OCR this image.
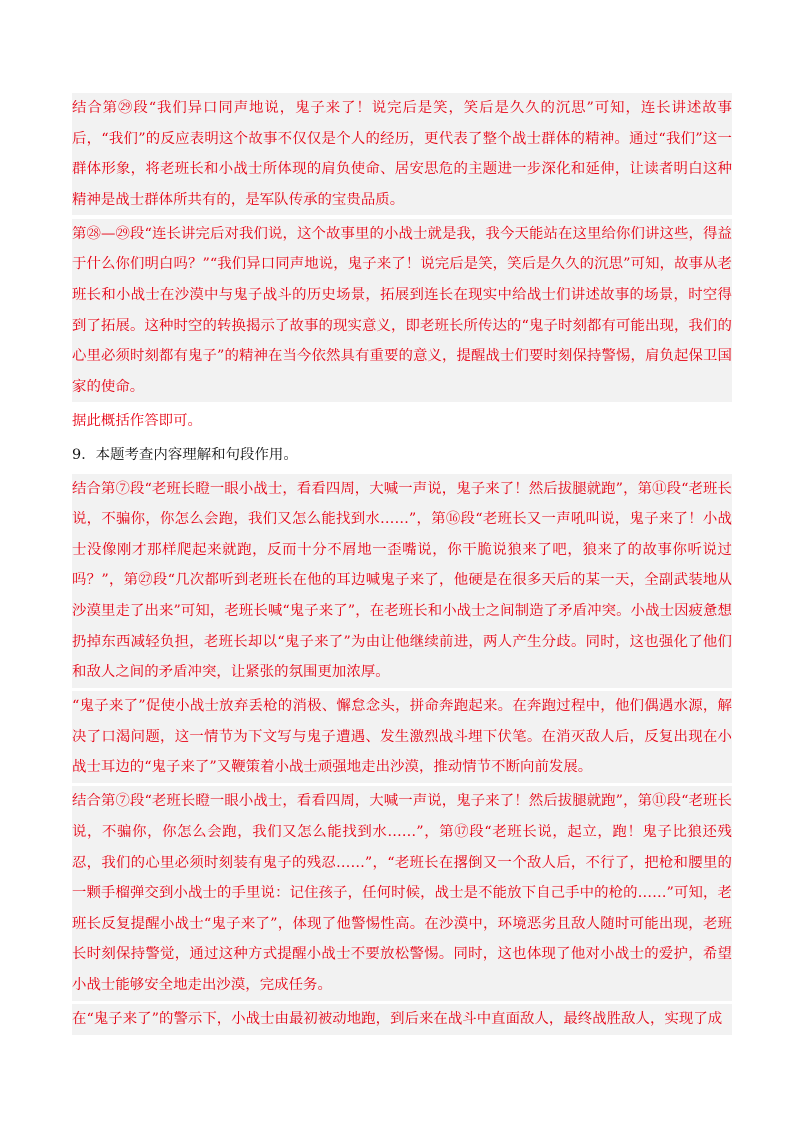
结合第㉙段“我们异口同声地说，鬼子来了！说完后是笑，笑后是久久的沉思”可知，连长讲述故事后，“我们”的反应表明这个故事不仅仅是个人的经历，更代表了整个战士群体的精神。通过“我们”这一群体形象，将老班长和小战士所体现的肩负使命、居安思危的主题进一步深化和延伸，让读者明白这种精神是战士群体所共有的，是军队传承的宝贵品质。

第㉘—㉙段“连长讲完后对我们说，这个故事里的小战士就是我，我今天能站在这里给你们讲这些，得益于什么你们明白吗？”“我们异口同声地说，鬼子来了！说完后是笑，笑后是久久的沉思”可知，故事从老班长和小战士在沙漠中与鬼子战斗的历史场景，拓展到连长在现实中给战士们讲述故事的场景，时空得到了拓展。这种时空的转换揭示了故事的现实意义，即老班长所传达的“鬼子时刻都有可能出现，我们的心里必须时刻都有鬼子”的精神在当今依然具有重要的意义，提醒战士们要时刻保持警惕，肩负起保卫国家的使命。

据此概括作答即可。

9．本题考查内容理解和句段作用。

结合第⑦段“老班长瞪一眼小战士，看看四周，大喊一声说，鬼子来了！然后拔腿就跑”，第⑪段“老班长说，不骗你，你怎么会跑，我们又怎么能找到水……”，第⑯段“老班长又一声吼叫说，鬼子来了！小战士没像刚才那样爬起来就跑，反而十分不屑地一歪嘴说，你干脆说狼来了吧，狼来了的故事你听说过吗？”，第㉗段“几次都听到老班长在他的耳边喊鬼子来了，他硬是在很多天后的某一天，全副武装地从沙漠里走了出来”可知，老班长喊“鬼子来了”，在老班长和小战士之间制造了矛盾冲突。小战士因疲惫想扔掉东西减轻负担，老班长却以“鬼子来了”为由让他继续前进，两人产生分歧。同时，这也强化了他们和敌人之间的矛盾冲突，让紧张的氛围更加浓厚。

“鬼子来了”促使小战士放弃丢枪的消极、懈怠念头，拼命奔跑起来。在奔跑过程中，他们偶遇水源，解决了口渴问题，这一情节为下文写与鬼子遭遇、发生激烈战斗埋下伏笔。在消灭敌人后，反复出现在小战士耳边的“鬼子来了”又鞭策着小战士顽强地走出沙漠，推动情节不断向前发展。

结合第⑦段“老班长瞪一眼小战士，看看四周，大喊一声说，鬼子来了！然后拔腿就跑”，第⑪段“老班长说，不骗你，你怎么会跑，我们又怎么能找到水……”，第⑰段“老班长说，起立，跑！鬼子比狼还残忍，我们的心里必须时刻装有鬼子的残忍……”，“老班长在撂倒又一个敌人后，不行了，把枪和腰里的一颗手榴弹交到小战士的手里说：记住孩子，任何时候，战士是不能放下自己手中的枪的……”可知，老班长反复提醒小战士“鬼子来了”，体现了他警惕性高。在沙漠中，环境恶劣且敌人随时可能出现，老班长时刻保持警觉，通过这种方式提醒小战士不要放松警惕。同时，这也体现了他对小战士的爱护，希望小战士能够安全地走出沙漠，完成任务。

在“鬼子来了”的警示下，小战士由最初被动地跑，到后来在战斗中直面敌人，最终战胜敌人，实现了成
